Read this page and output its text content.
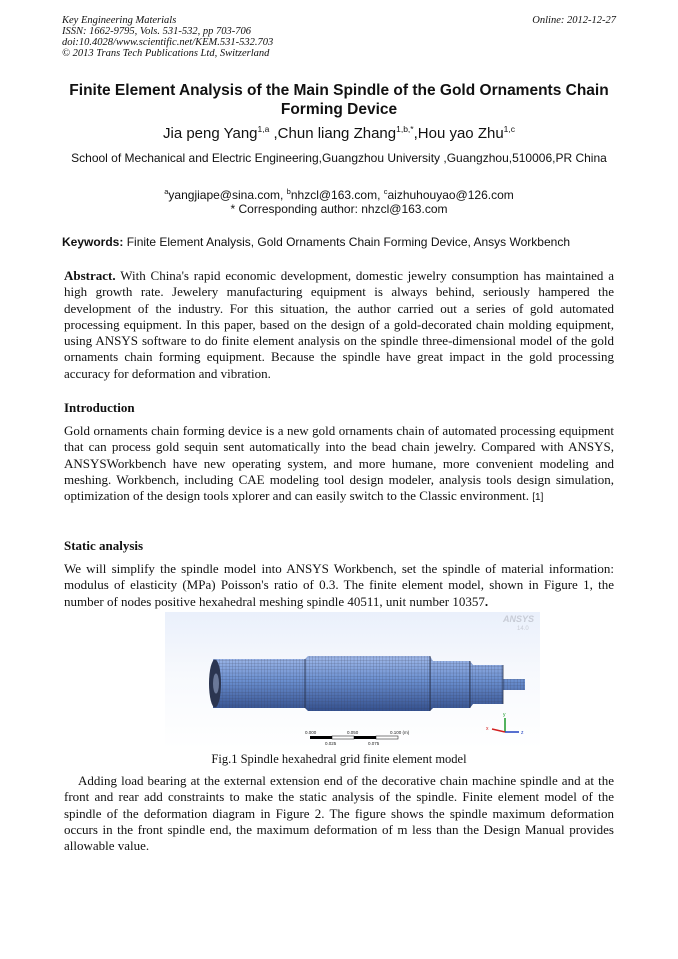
Key Engineering Materials
ISSN: 1662-9795, Vols. 531-532, pp 703-706
doi:10.4028/www.scientific.net/KEM.531-532.703
© 2013 Trans Tech Publications Ltd, Switzerland
Online: 2012-12-27
Finite Element Analysis of the Main Spindle of the Gold Ornaments Chain Forming Device
Jia peng Yang$^{1,a}$ ,Chun liang Zhang$^{1,b,*}$,Hou yao Zhu$^{1,c}$
School of Mechanical and Electric Engineering,Guangzhou University ,Guangzhou,510006,PR China
$^a$yangjiape@sina.com, $^b$nhzcl@163.com, $^c$aizhuhouyao@126.com
* Corresponding author: nhzcl@163.com
Keywords: Finite Element Analysis, Gold Ornaments Chain Forming Device, Ansys Workbench
Abstract. With China's rapid economic development, domestic jewelry consumption has maintained a high growth rate. Jewelery manufacturing equipment is always behind, seriously hampered the development of the industry. For this situation, the author carried out a series of gold automated processing equipment. In this paper, based on the design of a gold-decorated chain molding equipment, using ANSYS software to do finite element analysis on the spindle three-dimensional model of the gold ornaments chain forming equipment. Because the spindle have great impact in the gold processing accuracy for deformation and vibration.
Introduction
Gold ornaments chain forming device is a new gold ornaments chain of automated processing equipment that can process gold sequin sent automatically into the bead chain jewelry. Compared with ANSYS, ANSYSWorkbench have new operating system, and more humane, more convenient modeling and meshing. Workbench, including CAE modeling tool design modeler, analysis tools design simulation, optimization of the design tools xplorer and can easily switch to the Classic environment. [1]
Static analysis
We will simplify the spindle model into ANSYS Workbench, set the spindle of material information: modulus of elasticity (MPa) Poisson's ratio of 0.3. The finite element model, shown in Figure 1, the number of nodes positive hexahedral meshing spindle 40511, unit number 10357.
ANSYS
14.0
0.000	0.050	0.100 (m)
0.025	0.075
x
y
z
Fig.1 Spindle hexahedral grid finite element model
Adding load bearing at the external extension end of the decorative chain machine spindle and at the front and rear add constraints to make the static analysis of the spindle. Finite element model of the spindle of the deformation diagram in Figure 2. The figure shows the spindle maximum deformation occurs in the front spindle end, the maximum deformation of m less than the Design Manual provides allowable value.
